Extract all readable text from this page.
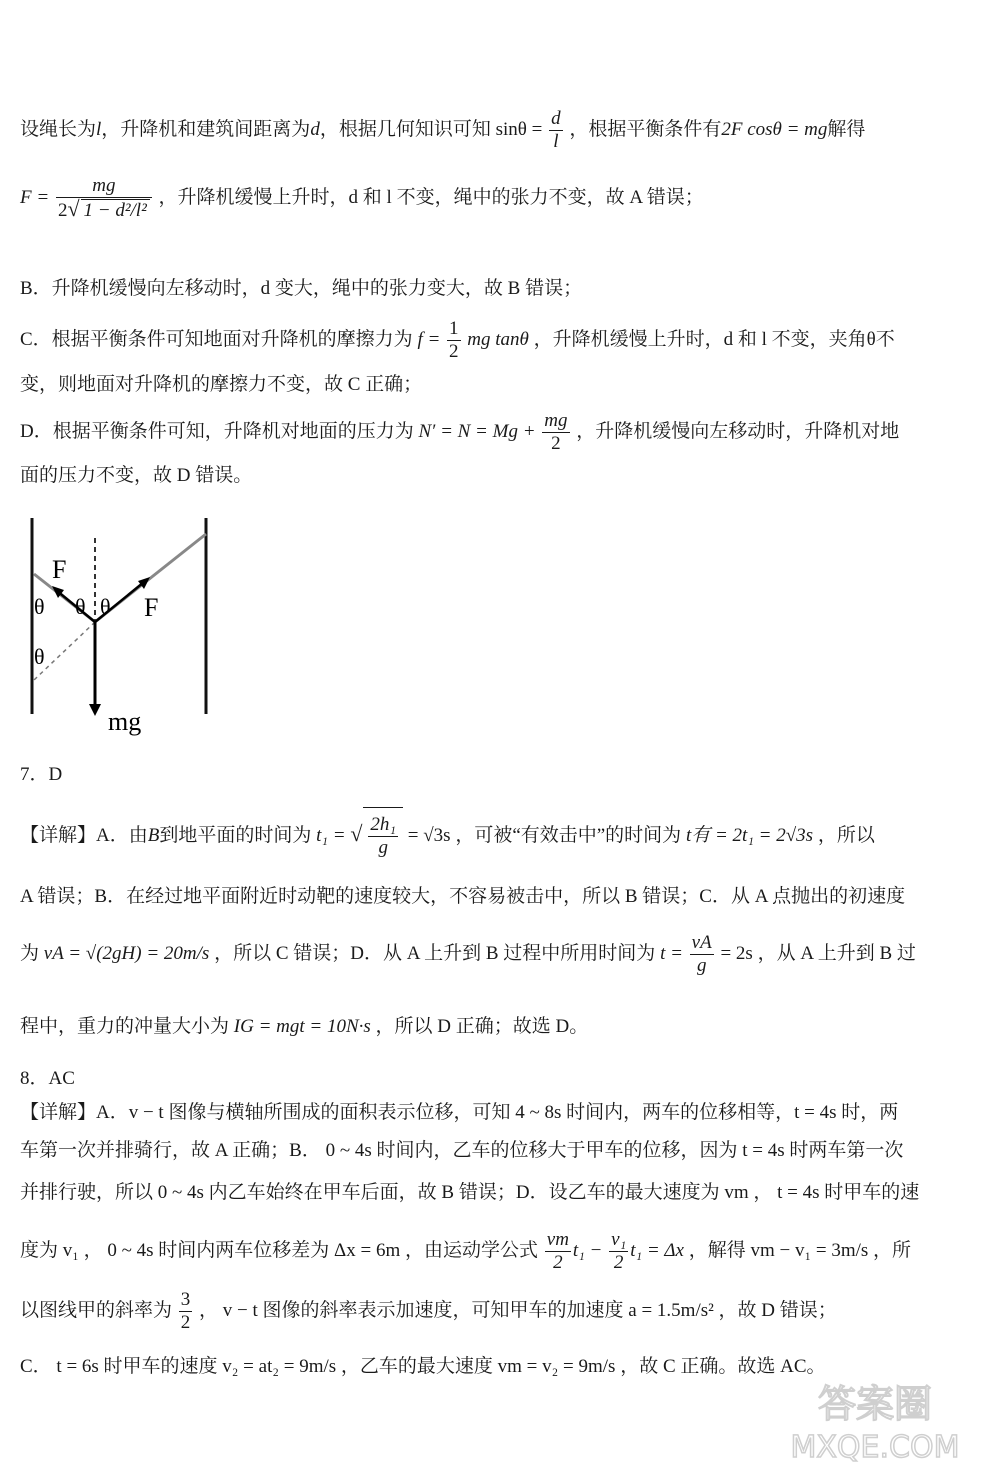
设绳长为l，升降机和建筑间距离为d，根据几何知识可知 $\sin\theta = \frac{d}{l}$ ，根据平衡条件有2F cosθ = mg解得
$F = \frac{mg}{\text{2√ 1 − d²/l²}}$ ，升降机缓慢上升时，d 和 l 不变，绳中的张力不变，故 A 错误；
B．升降机缓慢向左移动时，d 变大，绳中的张力变大，故 B 错误；
C．根据平衡条件可知地面对升降机的摩擦力为 $f = \frac{1}{2}$ mg tanθ ，升降机缓慢上升时，d 和 l 不变，夹角θ不
变，则地面对升降机的摩擦力不变，故 C 正确；
D．根据平衡条件可知，升降机对地面的压力为 $N' = N = Mg + \frac{mg}{2}$ ，升降机缓慢向左移动时，升降机对地
面的压力不变，故 D 错误。
F
F
θ θ θ
θ
mg
7．D
【详解】A．由B到地平面的时间为 t₁ = √ $\frac{\text{2h₁}}{g} = √3s$ ，可被“有效击中”的时间为 t有 = 2t₁ = 2√3s ，所以
A 错误；B．在经过地平面附近时动靶的速度较大，不容易被击中，所以 B 错误；C．从 A 点抛出的初速度
为 vA = √(2gH) = 20m/s ，所以 C 错误；D．从 A 上升到 B 过程中所用时间为 $t = \frac{vA}{g} = 2s$ ，从 A 上升到 B 过
程中，重力的冲量大小为 IG = mgt = 10N·s ，所以 D 正确；故选 D。
8．AC
【详解】A．v − t 图像与横轴所围成的面积表示位移，可知 4 ~ 8s 时间内，两车的位移相等，t = 4s 时，两
车第一次并排骑行，故 A 正确；B． 0 ~ 4s 时间内，乙车的位移大于甲车的位移，因为 t = 4s 时两车第一次
并排行驶，所以 0 ~ 4s 内乙车始终在甲车后面，故 B 错误；D．设乙车的最大速度为 vm ， t = 4s 时甲车的速
度为 v₁ ， 0 ~ 4s 时间内两车位移差为 Δx = 6m ，由运动学公式 $\frac{vm}{2} t_1 - \frac{\text{v₁}}{2} t_1 = \Delta x$ ，解得 vm − v₁ = 3m/s ，所
以图线甲的斜率为 $\frac{3}{2}$ ， v − t 图像的斜率表示加速度，可知甲车的加速度 a = 1.5m/s² ，故 D 错误；
C． t = 6s 时甲车的速度 v₂ = at₂ = 9m/s ，乙车的最大速度 vm = v₂ = 9m/s ，故 C 正确。故选 AC。
答案圈
MXQE.COM
